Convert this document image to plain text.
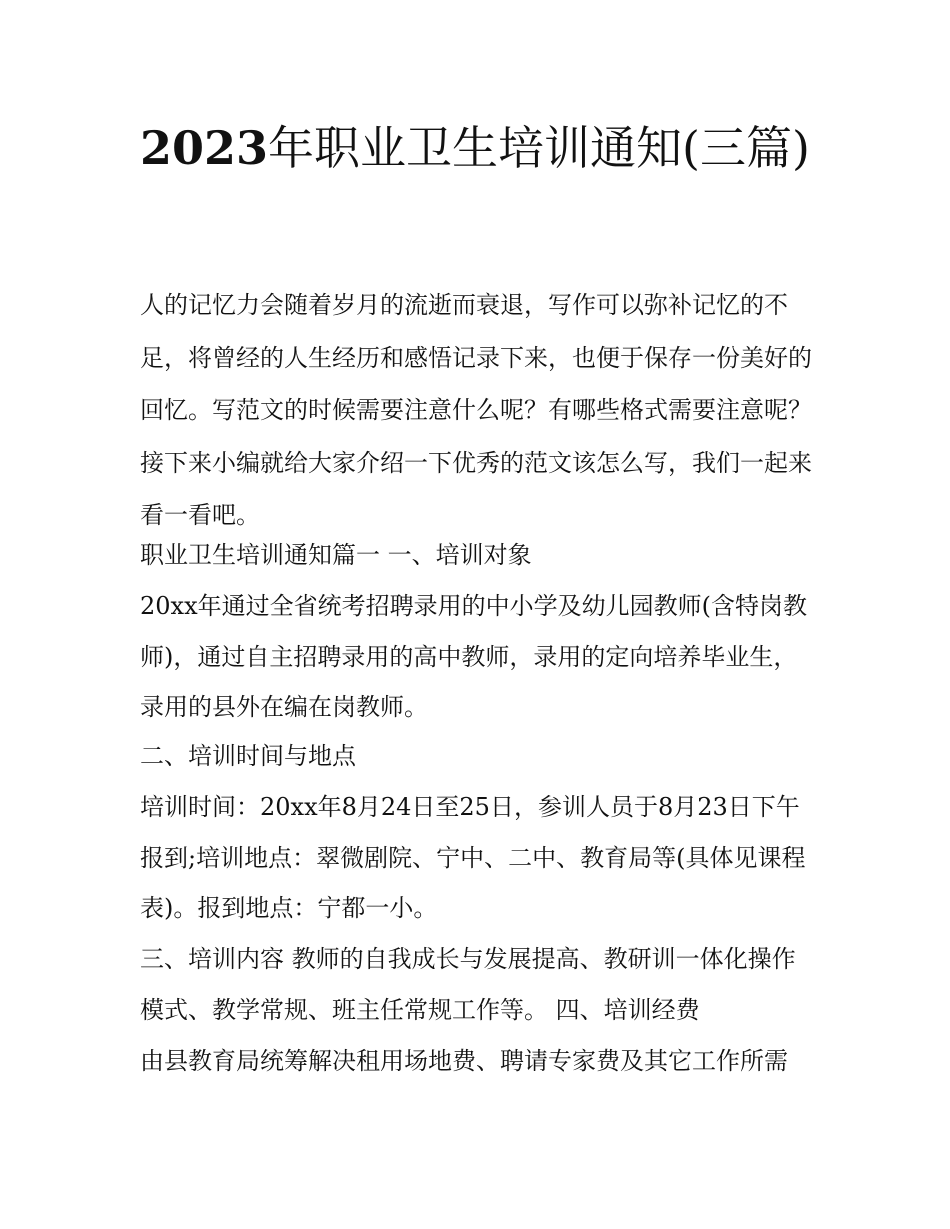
2023年职业卫生培训通知(三篇)

人的记忆力会随着岁月的流逝而衰退，写作可以弥补记忆的不足，将曾经的人生经历和感悟记录下来，也便于保存一份美好的回忆。写范文的时候需要注意什么呢？有哪些格式需要注意呢？接下来小编就给大家介绍一下优秀的范文该怎么写，我们一起来看一看吧。

职业卫生培训通知篇一 一、培训对象

20xx年通过全省统考招聘录用的中小学及幼儿园教师(含特岗教师)，通过自主招聘录用的高中教师，录用的定向培养毕业生，录用的县外在编在岗教师。

二、培训时间与地点

培训时间：20xx年8月24日至25日，参训人员于8月23日下午报到;培训地点：翠微剧院、宁中、二中、教育局等(具体见课程表)。报到地点：宁都一小。

三、培训内容 教师的自我成长与发展提高、教研训一体化操作模式、教学常规、班主任常规工作等。 四、培训经费

由县教育局统筹解决租用场地费、聘请专家费及其它工作所需
